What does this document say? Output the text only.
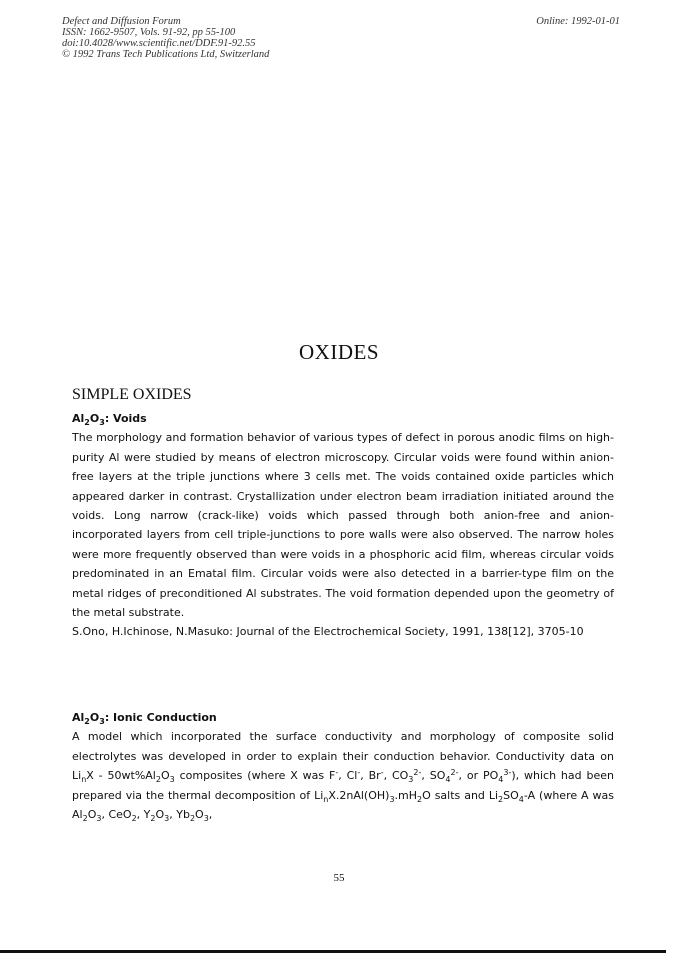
Defect and Diffusion Forum
ISSN: 1662-9507, Vols. 91-92, pp 55-100
doi:10.4028/www.scientific.net/DDF.91-92.55
© 1992 Trans Tech Publications Ltd, Switzerland
Online: 1992-01-01
OXIDES
SIMPLE OXIDES

$Al_2O_3$: Voids

The morphology and formation behavior of various types of defect in porous anodic films on high-purity Al were studied by means of electron microscopy. Circular voids were found within anion-free layers at the triple junctions where 3 cells met. The voids contained oxide particles which appeared darker in contrast. Crystallization under electron beam irradiation initiated around the voids. Long narrow (crack-like) voids which passed through both anion-free and anion-incorporated layers from cell triple-junctions to pore walls were also observed. The narrow holes were more frequently observed than were voids in a phosphoric acid film, whereas circular voids predominated in an Ematal film. Circular voids were also detected in a barrier-type film on the metal ridges of preconditioned Al substrates. The void formation depended upon the geometry of the metal substrate.

S.Ono, H.Ichinose, N.Masuko: Journal of the Electrochemical Society, 1991, 138[12], 3705-10

$Al_2O_3$: Ionic Conduction

A model which incorporated the surface conductivity and morphology of composite solid electrolytes was developed in order to explain their conduction behavior. Conductivity data on $Li_nX - 50wt\%Al_2O_3$ composites (where X was F-, Cl-, Br-, $CO_3^{2-}$, $SO_4^{2-}$, or $PO_4^{3-}$), which had been prepared via the thermal decomposition of $Li_nX.2nAl(OH)_3.mH_2O$ salts and $Li_2SO_4-A$ (where A was $Al_2O_3$, CeO$_2$, $Y_2O_3$, $Yb_2O_3$,

55
